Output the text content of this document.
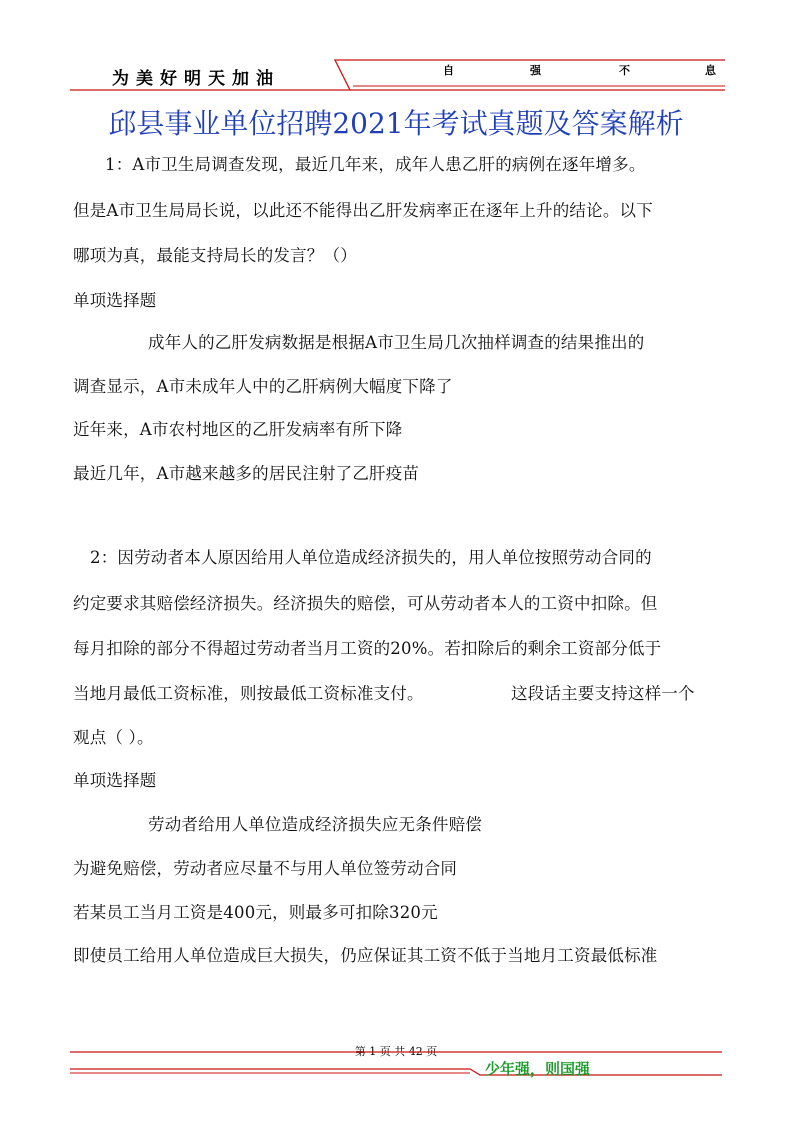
为美好明天加油	自	强	不	息
邱县事业单位招聘2021年考试真题及答案解析
1：A市卫生局调查发现，最近几年来，成年人患乙肝的病例在逐年增多。
但是A市卫生局局长说，以此还不能得出乙肝发病率正在逐年上升的结论。以下
哪项为真，最能支持局长的发言？（）
单项选择题
成年人的乙肝发病数据是根据A市卫生局几次抽样调查的结果推出的
调查显示，A市未成年人中的乙肝病例大幅度下降了
近年来，A市农村地区的乙肝发病率有所下降
最近几年，A市越来越多的居民注射了乙肝疫苗
2：因劳动者本人原因给用人单位造成经济损失的，用人单位按照劳动合同的
约定要求其赔偿经济损失。经济损失的赔偿，可从劳动者本人的工资中扣除。但
每月扣除的部分不得超过劳动者当月工资的20%。若扣除后的剩余工资部分低于
当地月最低工资标准，则按最低工资标准支付。	这段话主要支持这样一个
观点（ ）。
单项选择题
劳动者给用人单位造成经济损失应无条件赔偿
为避免赔偿，劳动者应尽量不与用人单位签劳动合同
若某员工当月工资是400元，则最多可扣除320元
即使员工给用人单位造成巨大损失，仍应保证其工资不低于当地月工资最低标准
第 1 页 共 42 页
少年强，则国强
